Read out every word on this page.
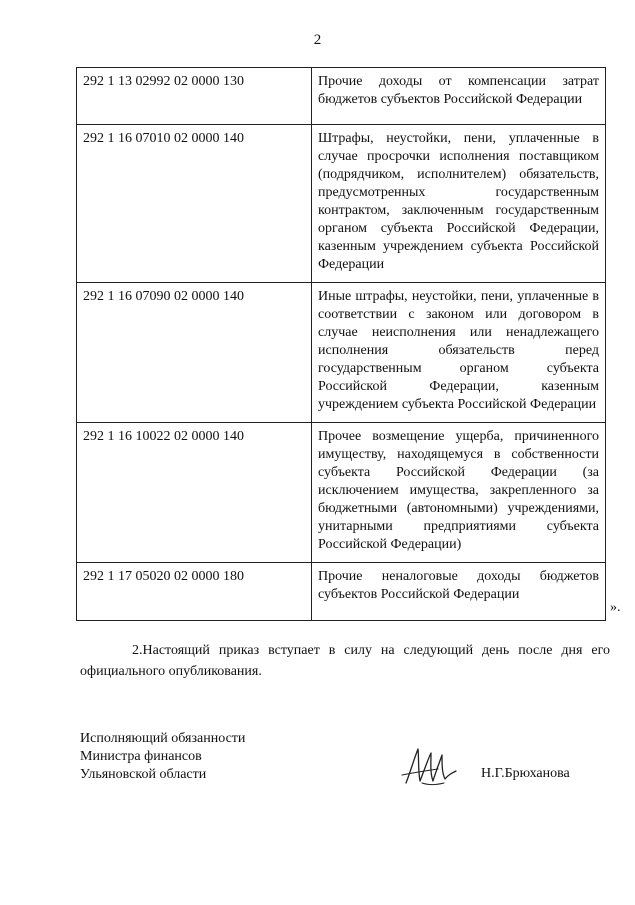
2
292 1 13 02992 02 0000 130	Прочие доходы от компенсации затрат бюджетов субъектов Российской Федерации
292 1 16 07010 02 0000 140	Штрафы, неустойки, пени, уплаченные в случае просрочки исполнения поставщиком (подрядчиком, исполнителем) обязательств, предусмотренных государственным контрактом, заключенным государственным органом субъекта Российской Федерации, казенным учреждением субъекта Российской Федерации
292 1 16 07090 02 0000 140	Иные штрафы, неустойки, пени, уплаченные в соответствии с законом или договором в случае неисполнения или ненадлежащего исполнения обязательств перед государственным органом субъекта Российской Федерации, казенным учреждением субъекта Российской Федерации
292 1 16 10022 02 0000 140	Прочее возмещение ущерба, причиненного имуществу, находящемуся в собственности субъекта Российской Федерации (за исключением имущества, закрепленного за бюджетными (автономными) учреждениями, унитарными предприятиями субъекта Российской Федерации)
292 1 17 05020 02 0000 180	Прочие неналоговые доходы бюджетов субъектов Российской Федерации
».
2.Настоящий приказ вступает в силу на следующий день после дня его официального опубликования.
Исполняющий обязанности
Министра финансов
Ульяновской области	Н.Г.Брюханова
